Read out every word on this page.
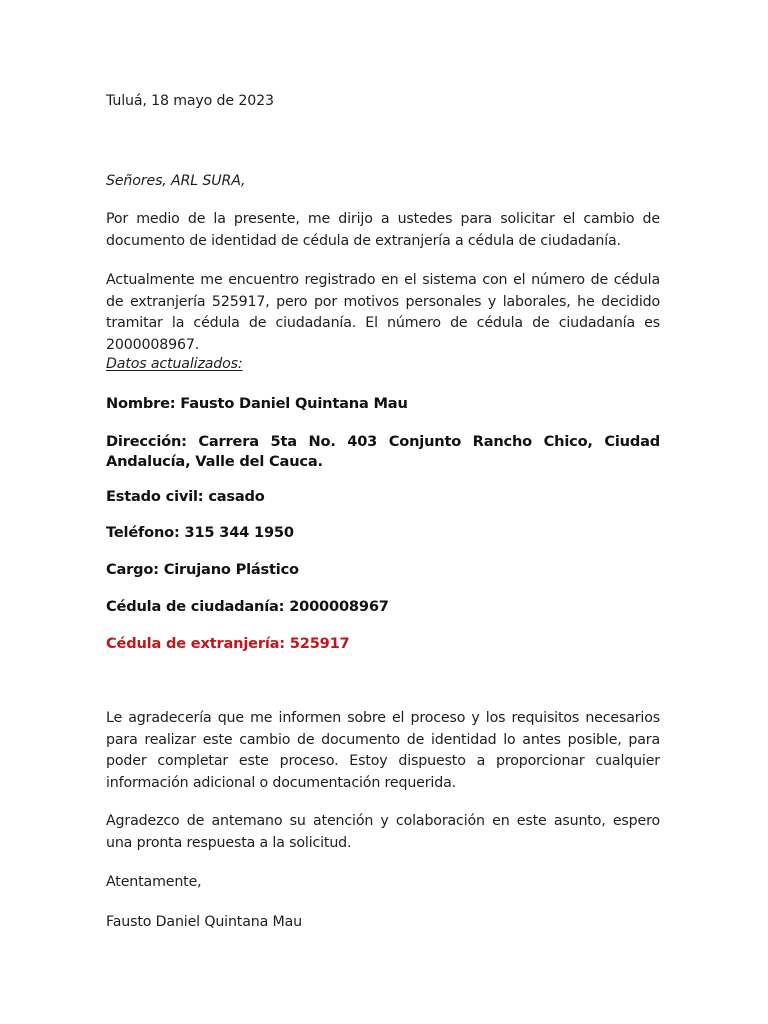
Tuluá, 18 mayo de 2023

Señores, ARL SURA,

Por medio de la presente, me dirijo a ustedes para solicitar el cambio de documento de identidad de cédula de extranjería a cédula de ciudadanía.

Actualmente me encuentro registrado en el sistema con el número de cédula de extranjería 525917, pero por motivos personales y laborales, he decidido tramitar la cédula de ciudadanía. El número de cédula de ciudadanía es 2000008967.

Datos actualizados:

Nombre: Fausto Daniel Quintana Mau

Dirección: Carrera 5ta No. 403 Conjunto Rancho Chico, Ciudad Andalucía, Valle del Cauca.

Estado civil: casado

Teléfono: 315 344 1950

Cargo: Cirujano Plástico

Cédula de ciudadanía: 2000008967

Cédula de extranjería: 525917

Le agradecería que me informen sobre el proceso y los requisitos necesarios para realizar este cambio de documento de identidad lo antes posible, para poder completar este proceso. Estoy dispuesto a proporcionar cualquier información adicional o documentación requerida.

Agradezco de antemano su atención y colaboración en este asunto, espero una pronta respuesta a la solicitud.

Atentamente,

Fausto Daniel Quintana Mau
